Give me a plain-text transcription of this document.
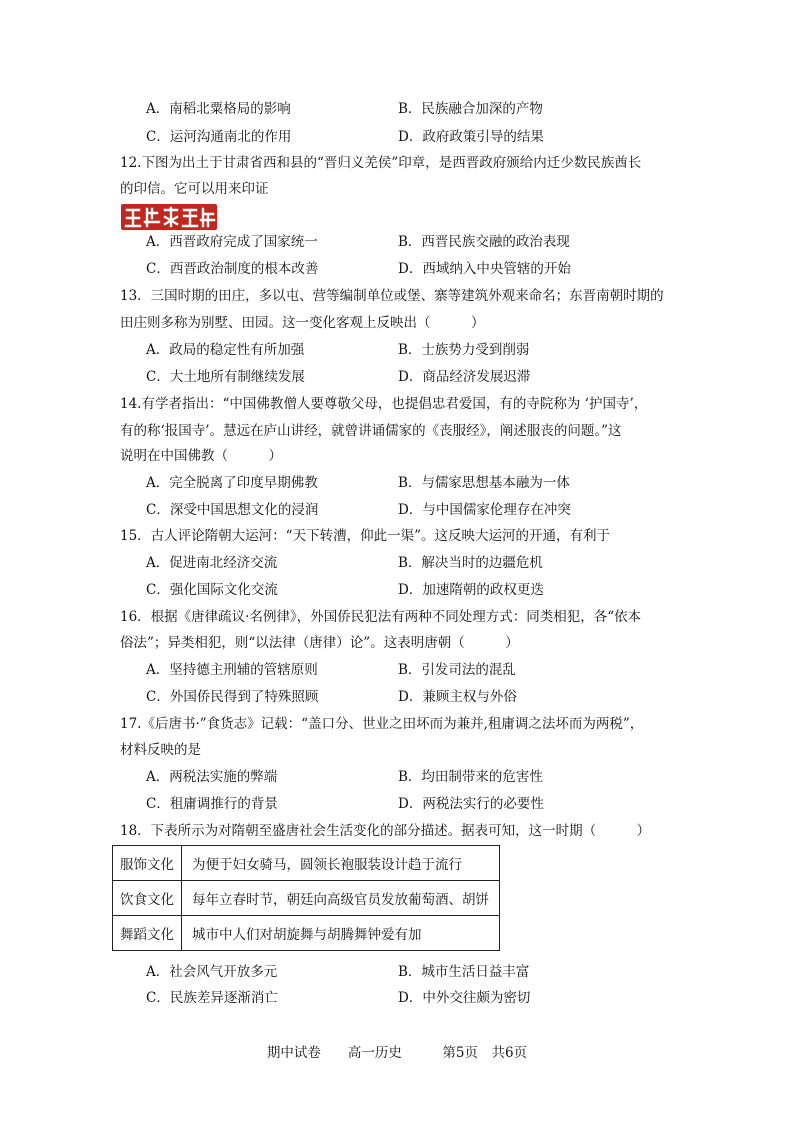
A．南稻北粟格局的影响	B．民族融合加深的产物
C．运河沟通南北的作用	D．政府政策引导的结果
12.下图为出土于甘肃省西和县的“晋归义羌侯”印章，是西晋政府颁给内迁少数民族酋长
的印信。它可以用来印证
A．西晋政府完成了国家统一	B．西晋民族交融的政治表现
C．西晋政治制度的根本改善	D．西域纳入中央管辖的开始
13．三国时期的田庄，多以屯、营等编制单位或堡、寨等建筑外观来命名；东晋南朝时期的
田庄则多称为别墅、田园。这一变化客观上反映出（　　　）
A．政局的稳定性有所加强	B．士族势力受到削弱
C．大土地所有制继续发展	D．商品经济发展迟滞
14.有学者指出：“中国佛教僧人要尊敬父母，也提倡忠君爱国，有的寺院称为 ‘护国寺’，
有的称‘报国寺’。慧远在庐山讲经，就曾讲诵儒家的《丧服经》，阐述服丧的问题。”这
说明在中国佛教（　　　）
A．完全脱离了印度早期佛教	B．与儒家思想基本融为一体
C．深受中国思想文化的浸润	D．与中国儒家伦理存在冲突
15．古人评论隋朝大运河：“天下转漕，仰此一渠”。这反映大运河的开通，有利于
A．促进南北经济交流	B．解决当时的边疆危机
C．强化国际文化交流	D．加速隋朝的政权更迭
16．根据《唐律疏议·名例律》，外国侨民犯法有两种不同处理方式：同类相犯，各“依本
俗法”；异类相犯，则“以法律（唐律）论”。这表明唐朝（　　　）
A．坚持德主刑辅的管辖原则	B．引发司法的混乱
C．外国侨民得到了特殊照顾	D．兼顾主权与外俗
17.《后唐书·”食货志》记载：“盖口分、世业之田坏而为兼并,租庸调之法坏而为两税”，
材料反映的是
A．两税法实施的弊端	B．均田制带来的危害性
C．租庸调推行的背景	D．两税法实行的必要性
18．下表所示为对隋朝至盛唐社会生活变化的部分描述。据表可知，这一时期（　　　）
服饰文化	为便于妇女骑马，圆领长袍服装设计趋于流行
饮食文化	每年立春时节，朝廷向高级官员发放葡萄酒、胡饼
舞蹈文化	城市中人们对胡旋舞与胡腾舞钟爱有加
A．社会风气开放多元	B．城市生活日益丰富
C．民族差异逐渐消亡	D．中外交往颇为密切
期中试卷　　 高一历史　　　	第5页　 共6页
